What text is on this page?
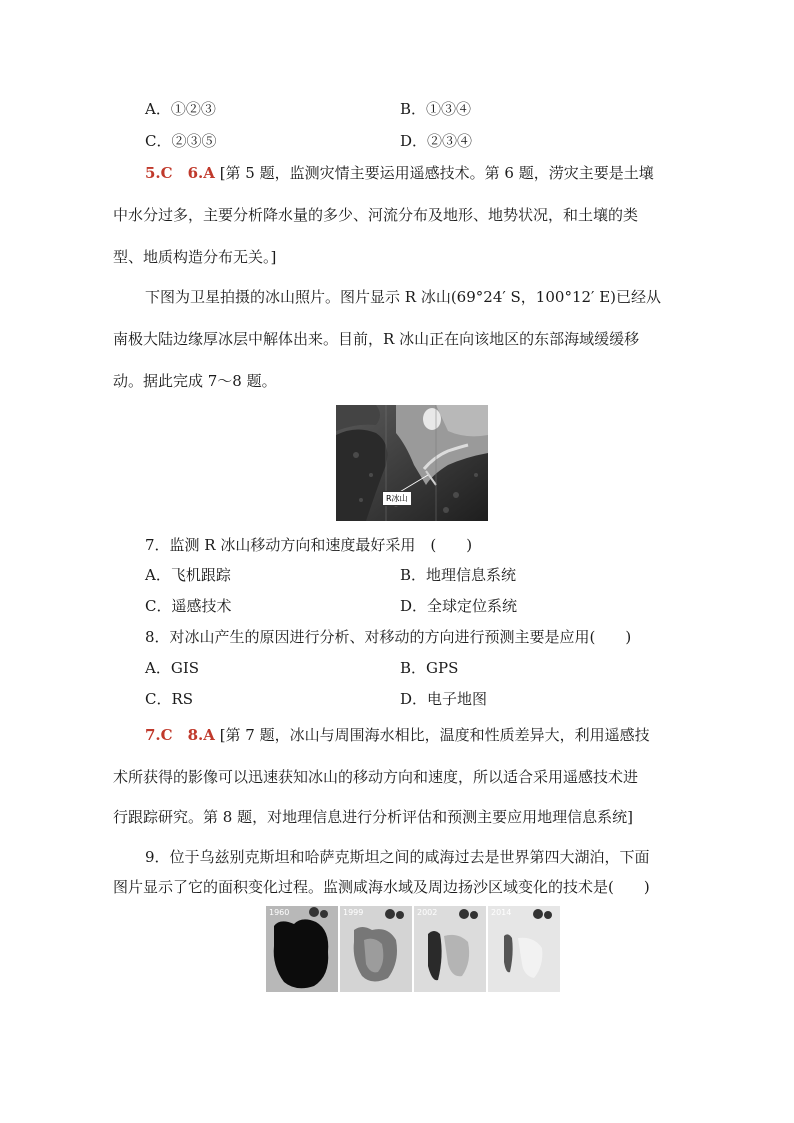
A．①②③	B．①③④
C．②③⑤	D．②③④
5.C　6.A [第 5 题，监测灾情主要运用遥感技术。第 6 题，涝灾主要是土壤
中水分过多，主要分析降水量的多少、河流分布及地形、地势状况，和土壤的类
型、地质构造分布无关。]
下图为卫星拍摄的冰山照片。图片显示 R 冰山(69°24′ S，100°12′ E)已经从
南极大陆边缘厚冰层中解体出来。目前，R 冰山正在向该地区的东部海域缓缓移
动。据此完成 7～8 题。
R冰山
7．监测 R 冰山移动方向和速度最好采用　(　　)
A．飞机跟踪	B．地理信息系统
C．遥感技术	D．全球定位系统
8．对冰山产生的原因进行分析、对移动的方向进行预测主要是应用(　　)
A．GIS	B．GPS
C．RS	D．电子地图
7.C　8.A [第 7 题，冰山与周围海水相比，温度和性质差异大，利用遥感技
术所获得的影像可以迅速获知冰山的移动方向和速度，所以适合采用遥感技术进
行跟踪研究。第 8 题，对地理信息进行分析评估和预测主要应用地理信息系统]
9．位于乌兹别克斯坦和哈萨克斯坦之间的咸海过去是世界第四大湖泊，下面
图片显示了它的面积变化过程。监测咸海水域及周边扬沙区域变化的技术是(　　)
1960	1999	2002	2014
